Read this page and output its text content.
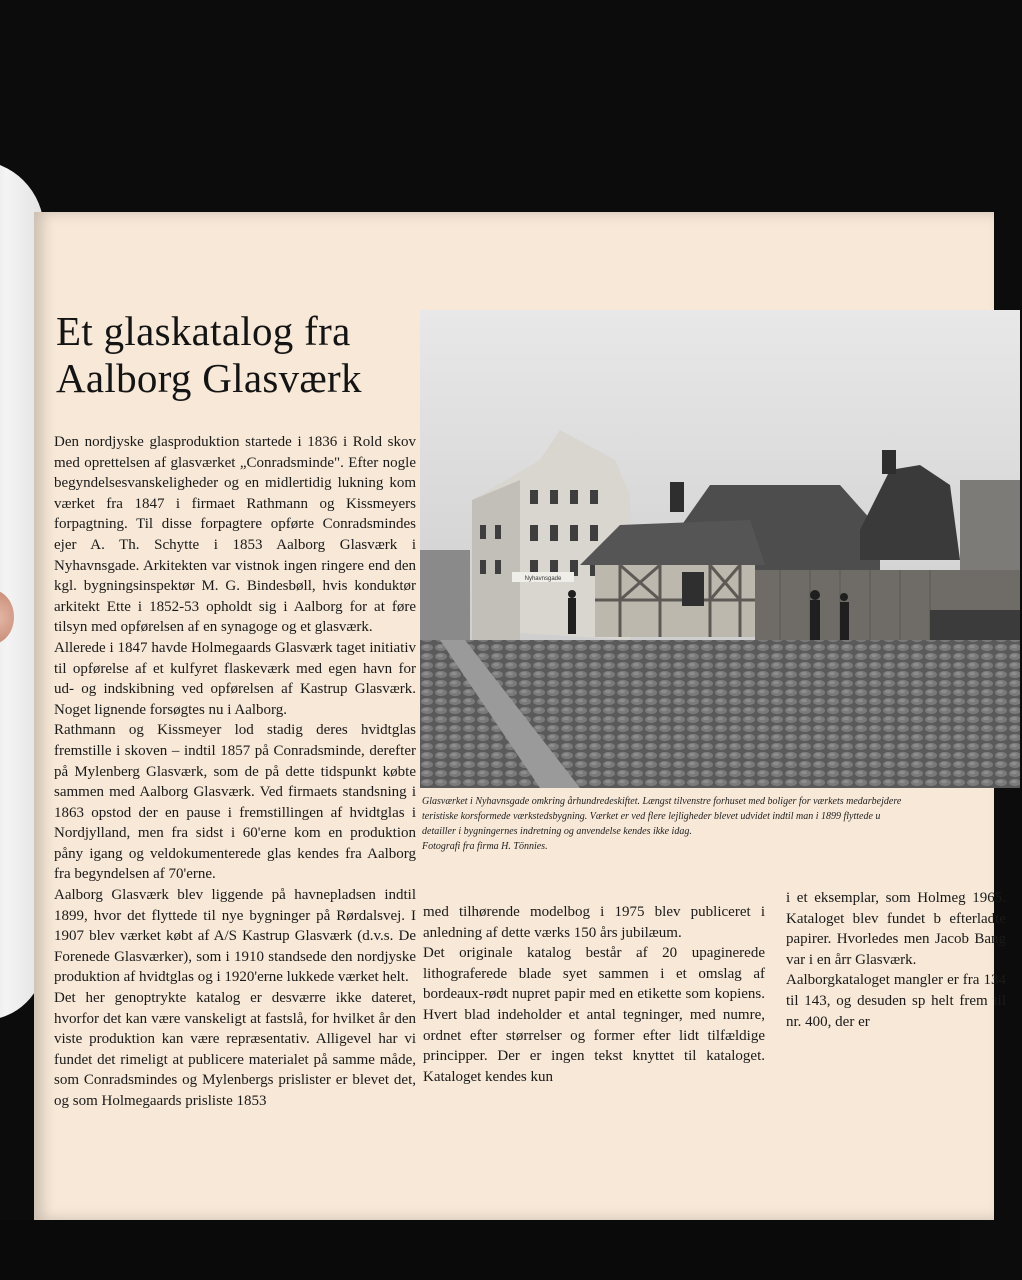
Et glaskatalog fra
Aalborg Glasværk

Den nordjyske glasproduktion startede i 1836 i Rold skov med oprettelsen af glasværket „Conradsminde". Efter nogle begyndelsesvanskeligheder og en midlertidig lukning kom værket fra 1847 i firmaet Rathmann og Kissmeyers forpagtning. Til disse forpagtere opførte Conradsmindes ejer A. Th. Schytte i 1853 Aalborg Glasværk i Nyhavnsgade. Arkitekten var vistnok ingen ringere end den kgl. bygningsinspektør M. G. Bindesbøll, hvis konduktør arkitekt Ette i 1852-53 opholdt sig i Aalborg for at føre tilsyn med opførelsen af en synagoge og et glasværk.

Allerede i 1847 havde Holmegaards Glasværk taget initiativ til opførelse af et kulfyret flaskeværk med egen havn for ud- og indskibning ved opførelsen af Kastrup Glasværk. Noget lignende forsøgtes nu i Aalborg.

Rathmann og Kissmeyer lod stadig deres hvidtglas fremstille i skoven – indtil 1857 på Conradsminde, derefter på Mylenberg Glasværk, som de på dette tidspunkt købte sammen med Aalborg Glasværk. Ved firmaets standsning i 1863 opstod der en pause i fremstillingen af hvidtglas i Nordjylland, men fra sidst i 60'erne kom en produktion påny igang og veldokumenterede glas kendes fra Aalborg fra begyndelsen af 70'erne.

Aalborg Glasværk blev liggende på havnepladsen indtil 1899, hvor det flyttede til nye bygninger på Rørdalsvej. I 1907 blev værket købt af A/S Kastrup Glasværk (d.v.s. De Forenede Glasværker), som i 1910 standsede den nordjyske produktion af hvidtglas og i 1920'erne lukkede værket helt.

Det her genoptrykte katalog er desværre ikke dateret, hvorfor det kan være vanskeligt at fastslå, for hvilket år den viste produktion kan være repræsentativ. Alligevel har vi fundet det rimeligt at publicere materialet på samme måde, som Conradsmindes og Mylenbergs prislister er blevet det, og som Holmegaards prisliste 1853

Nyhavnsgade
Glasværket i Nyhavnsgade omkring århundredeskiftet. Længst tilvenstre forhuset med boliger for værkets medarbejdere
teristiske korsformede værkstedsbygning. Værket er ved flere lejligheder blevet udvidet indtil man i 1899 flyttede u
detailler i bygningernes indretning og anvendelse kendes ikke idag.
Fotografi fra firma H. Tönnies.

med tilhørende modelbog i 1975 blev publiceret i anledning af dette værks 150 års jubilæum.

Det originale katalog består af 20 upaginerede lithograferede blade syet sammen i et omslag af bordeaux-rødt nupret papir med en etikette som kopiens. Hvert blad indeholder et antal tegninger, med numre, ordnet efter størrelser og former efter lidt tilfældige principper. Der er ingen tekst knyttet til kataloget. Kataloget kendes kun

i et eksemplar, som Holmeg 1965. Kataloget blev fundet b efterladte papirer. Hvorledes men Jacob Bang var i en årr Glasværk.

Aalborgkataloget mangler er fra 134 til 143, og desuden sp helt frem til nr. 400, der er
